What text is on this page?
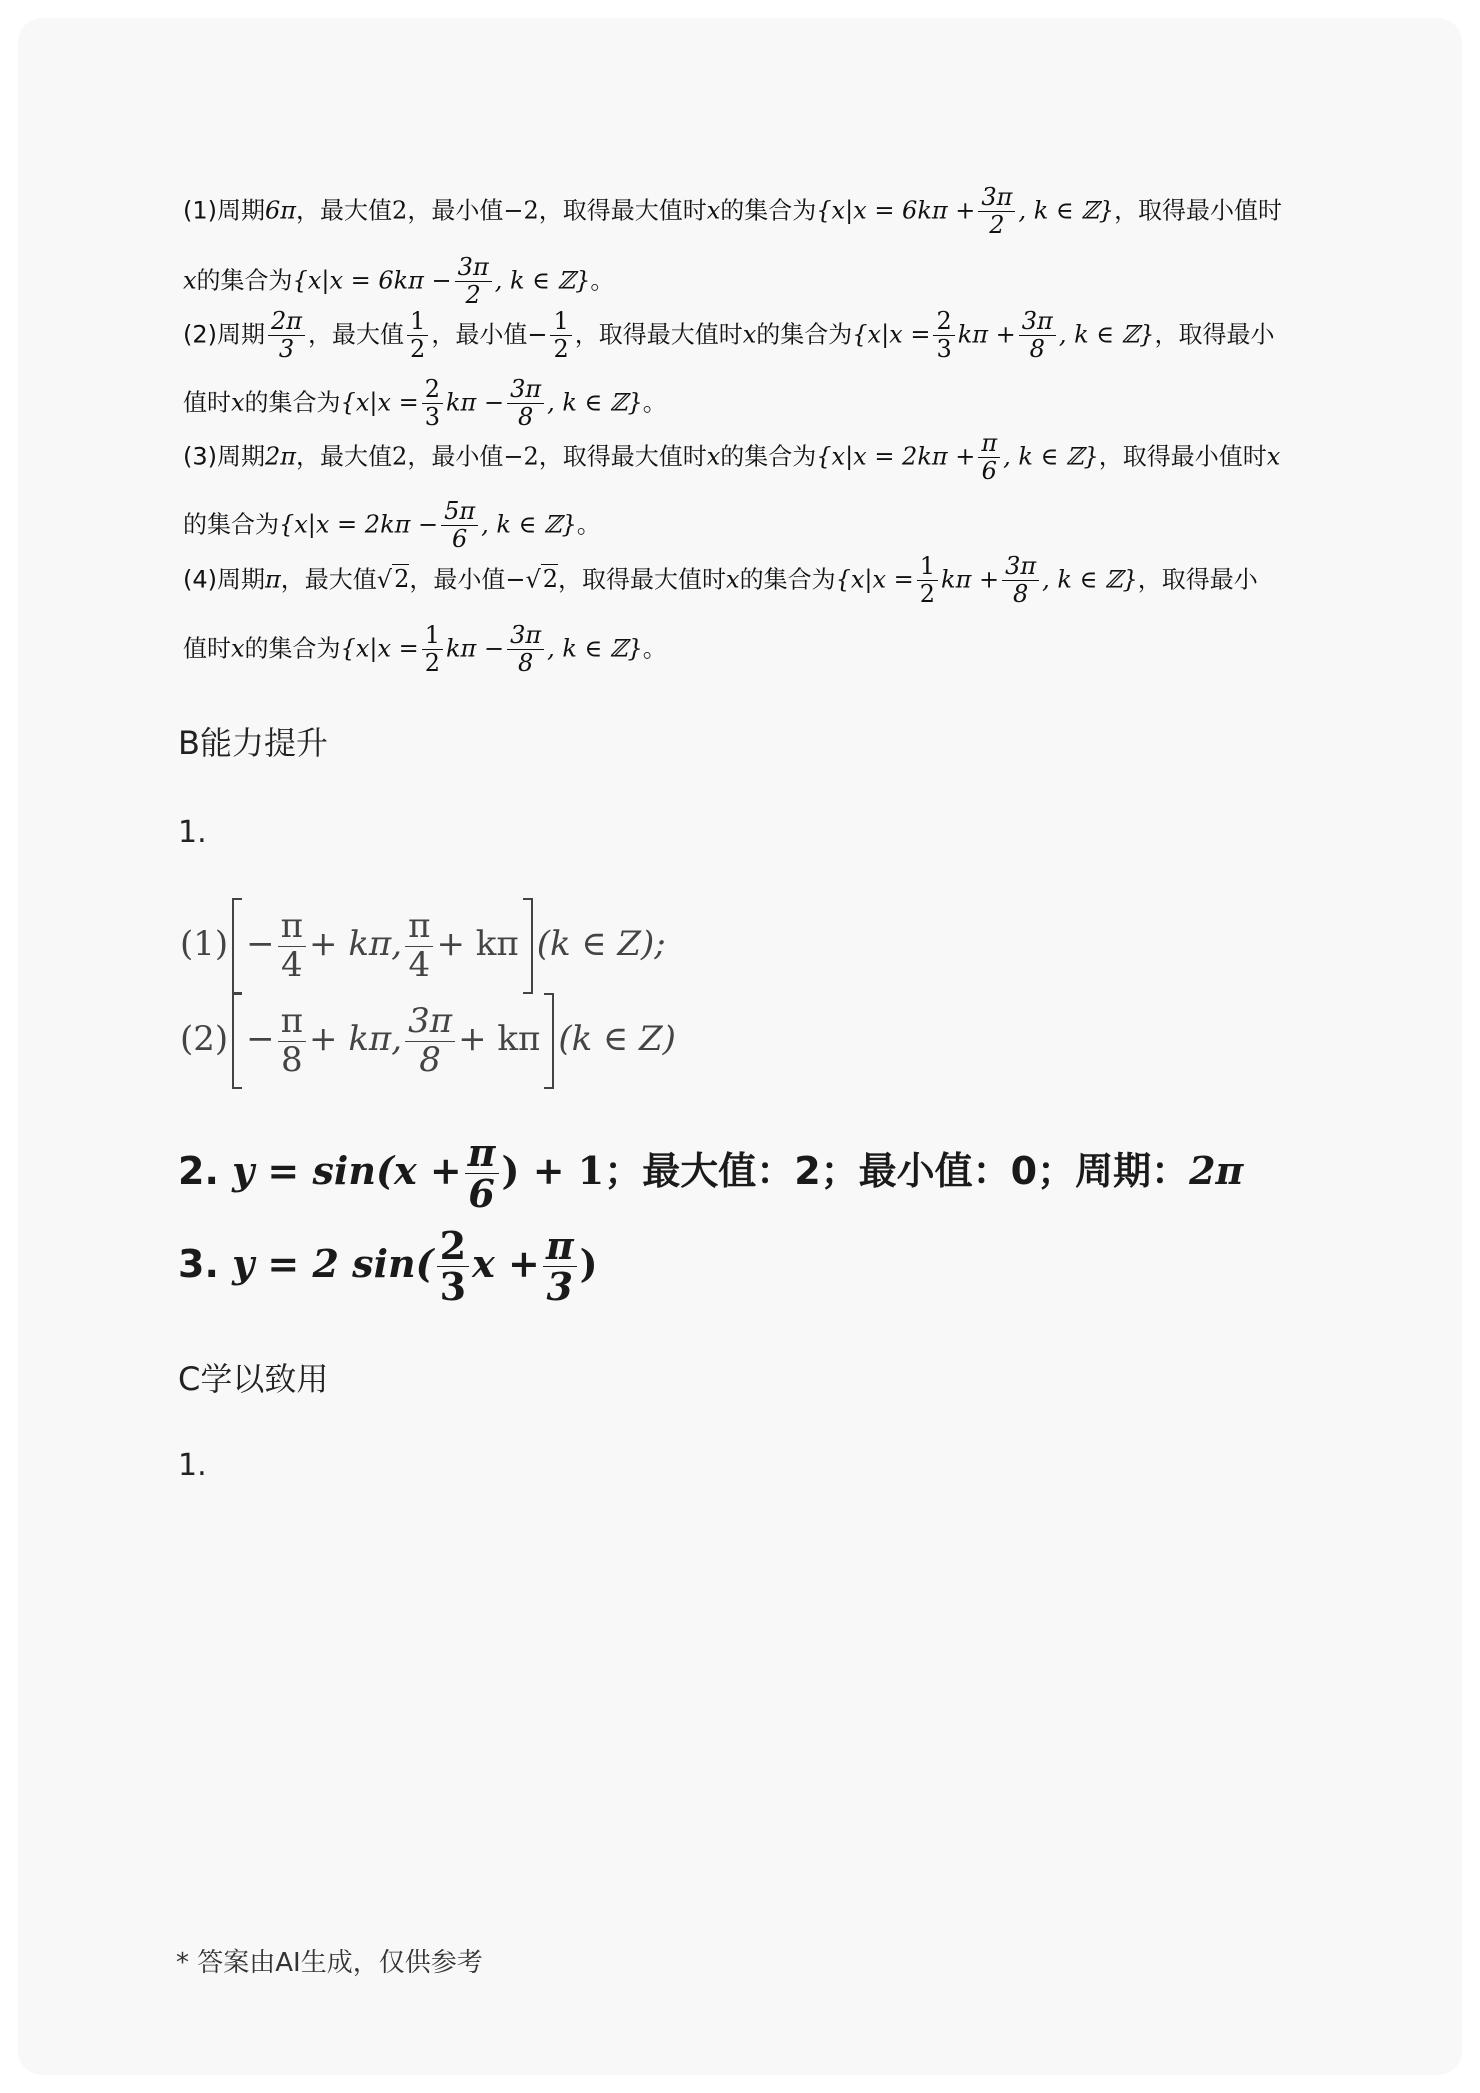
(1)周期6π，最大值2，最小值−2，取得最大值时x的集合为{$x|x = 6k\pi + \frac{3\pi}{2}$ , k ∈ ℤ}，取得最小值时
x的集合为{$x|x = 6k\pi - \frac{3\pi}{2}$ , k ∈ ℤ}。
(2)周期 $\frac{2\pi}{3}$ ，最大值 $\frac{1}{2}$ ，最小值− $\frac{1}{2}$ ，取得最大值时x的集合为{$x|x = \frac{2}{3}$ $k\pi + \frac{3\pi}{8}$ , k ∈ ℤ}，取得最小
值时x的集合为{$x|x = \frac{2}{3}$ $k\pi - \frac{3\pi}{8}$ , k ∈ ℤ}。
(3)周期2π，最大值2，最小值−2，取得最大值时x的集合为{$x|x = 2k\pi + \frac{\pi}{6}$ , k ∈ ℤ}，取得最小值时x
的集合为{$x|x = 2k\pi - \frac{5\pi}{6}$ , k ∈ ℤ}。
(4)周期π，最大值√2，最小值−√2，取得最大值时x的集合为{$x|x = \frac{1}{2}$ $k\pi + \frac{3\pi}{8}$ , k ∈ ℤ}，取得最小
值时x的集合为{$x|x = \frac{1}{2}$ $k\pi - \frac{3\pi}{8}$ , k ∈ ℤ}。
B能力提升
1.
$(1) - \frac{\pi}{4} + k\pi$, $\frac{\pi}{4} + k\pi$ (k ∈ Z);
$(2) - \frac{\pi}{8} + k\pi$, $\frac{3\pi}{8} + k\pi$ (k ∈ Z)
2. $y = \sin(x + \frac{\pi}{6}$ ) + 1；最大值：2；最小值：0；周期：2π
3. y = 2 $\sin( \frac{2}{3}$ $x + \frac{\pi}{3}$ )
C学以致用
1.
* 答案由AI生成，仅供参考
